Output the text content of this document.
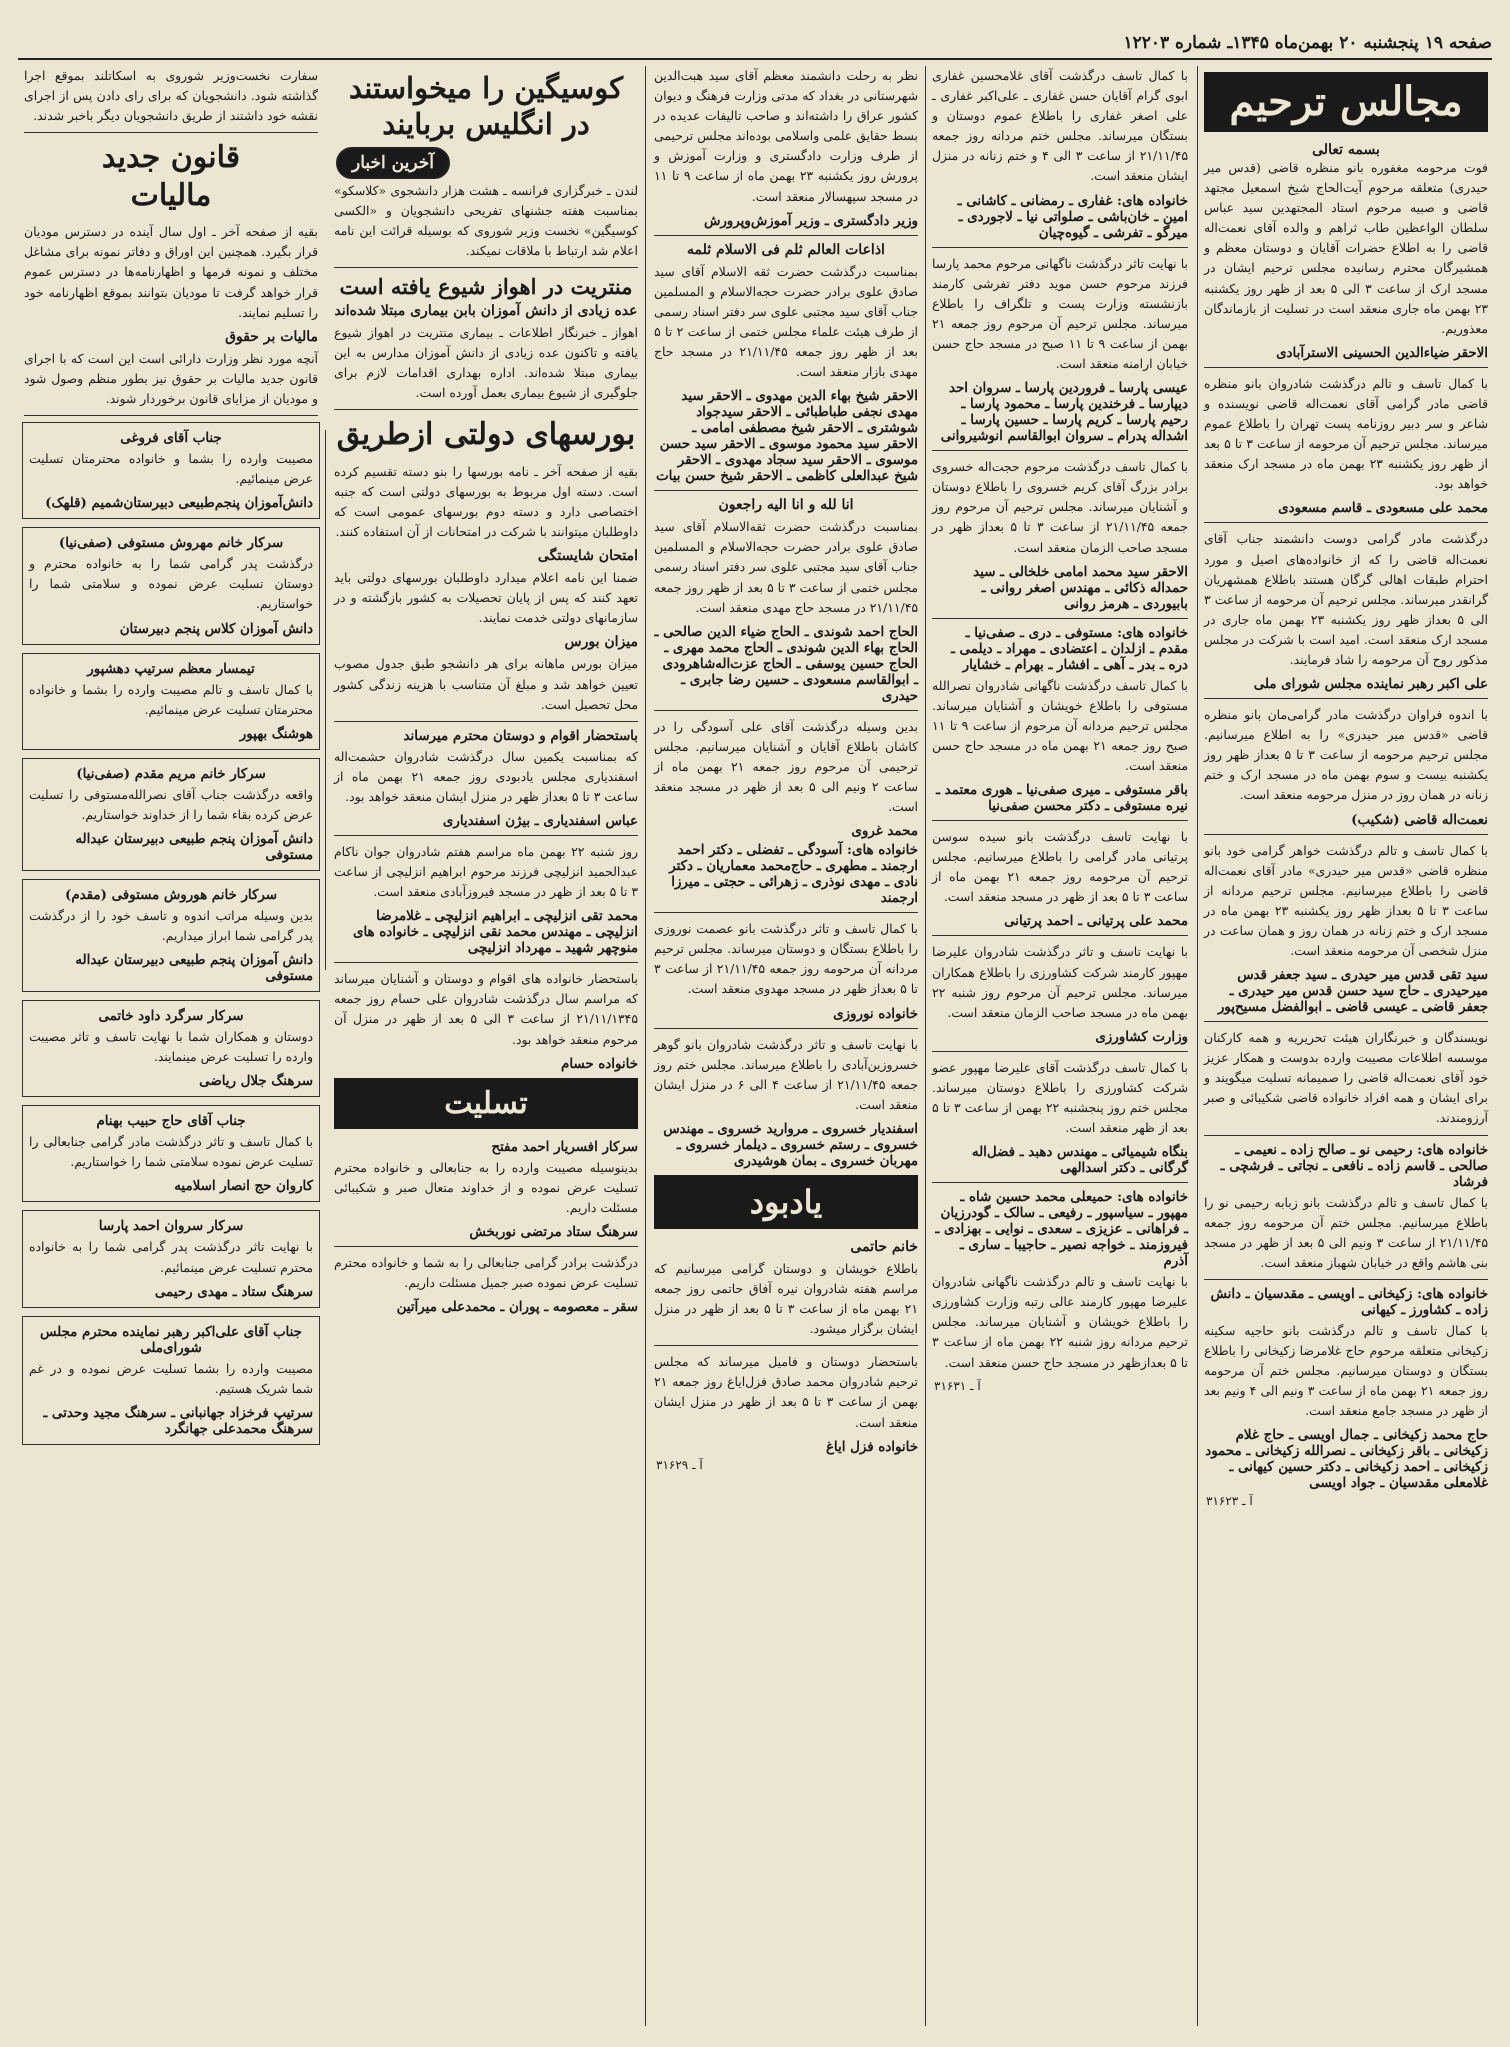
صفحه ۱۹ پنجشنبه ۲۰ بهمن‌ماه ۱۳۴۵ـ شماره ۱۲۲۰۳
مجالس ترحیم
بسمه تعالی

فوت مرحومه مغفوره بانو منظره قاضی (قدس میر حیدری) متعلقه مرحوم آیت‌الحاج شیخ اسمعیل مجتهد قاضی و صبیه مرحوم استاد المجتهدین سید عباس سلطان الواعظین طاب ثراهم و والده آقای نعمت‌اله قاضی را به اطلاع حضرات آقایان و دوستان معظم و همشیرگان محترم رسانیده مجلس ترحیم ایشان در مسجد ارک از ساعت ۳ الی ۵ بعد از ظهر روز یکشنبه ۲۳ بهمن ماه جاری منعقد است در تسلیت از بازماندگان معذوریم.

الاحقر ضیاءالدین الحسینی الاسترآبادی

با کمال تاسف و تالم درگذشت شادروان بانو منظره قاضی مادر گرامی آقای نعمت‌اله قاضی نویسنده و شاعر و سر دبیر روزنامه پست تهران را باطلاع عموم میرساند. مجلس ترحیم آن مرحومه از ساعت ۳ تا ۵ بعد از ظهر روز یکشنبه ۲۳ بهمن ماه در مسجد ارک منعقد خواهد بود.

محمد علی مسعودی ـ قاسم مسعودی

درگذشت مادر گرامی دوست دانشمند جناب آقای نعمت‌اله قاضی را که از خانواده‌های اصیل و مورد احترام طبقات اهالی گرگان هستند باطلاع همشهریان گرانقدر میرساند. مجلس ترحیم آن مرحومه از ساعت ۳ الی ۵ بعداز ظهر روز یکشنبه ۲۳ بهمن ماه جاری در مسجد ارک منعقد است. امید است با شرکت در مجلس مذکور روح آن مرحومه را شاد فرمایند.

علی اکبر رهبر نماینده مجلس شورای ملی

با اندوه فراوان درگذشت مادر گرامی‌مان بانو منظره قاضی «قدس میر حیدری» را به اطلاع میرسانیم. مجلس ترحیم مرحومه از ساعت ۳ تا ۵ بعداز ظهر روز یکشنبه بیست و سوم بهمن ماه در مسجد ارک و ختم زنانه در همان روز در منزل مرحومه منعقد است.

نعمت‌اله قاضی (شکیب)

با کمال تاسف و تالم درگذشت خواهر گرامی خود بانو منظره قاضی «قدس میر حیدری» مادر آقای نعمت‌اله قاضی را باطلاع میرسانیم. مجلس ترحیم مردانه از ساعت ۳ تا ۵ بعداز ظهر روز یکشنبه ۲۳ بهمن ماه در مسجد ارک و ختم زنانه در همان روز و همان ساعت در منزل شخصی آن مرحومه منعقد است.

سید تقی قدس میر حیدری ـ سید جعفر قدس میرحیدری ـ حاج سید حسن قدس میر حیدری ـ جعفر قاضی ـ عیسی قاضی ـ ابوالفضل مسیح‌پور

نویسندگان و خبرنگاران هیئت تحریریه و همه کارکنان موسسه اطلاعات مصیبت وارده بدوست و همکار عزیز خود آقای نعمت‌اله قاضی را صمیمانه تسلیت میگویند و برای ایشان و همه افراد خانواده قاضی شکیبائی و صبر آرزومندند.

خانواده های: رحیمی نو ـ صالح زاده ـ نعیمی ـ صالحی ـ قاسم زاده ـ نافعی ـ نجاتی ـ فرشچی ـ فرشاد

با کمال تاسف و تالم درگذشت بانو زبابه رحیمی نو را باطلاع میرسانیم. مجلس ختم آن مرحومه روز جمعه ۲۱/۱۱/۴۵ از ساعت ۳ ونیم الی ۵ بعد از ظهر در مسجد بنی هاشم واقع در خیابان شهباز منعقد است.

خانواده های: زکیخانی ـ اویسی ـ مقدسیان ـ دانش زاده ـ کشاورز ـ کیهانی

با کمال تاسف و تالم درگذشت بانو حاجیه سکینه زکیخانی متعلقه مرحوم حاج غلامرضا زکیخانی را باطلاع بستگان و دوستان میرسانیم. مجلس ختم آن مرحومه روز جمعه ۲۱ بهمن ماه از ساعت ۳ ونیم الی ۴ ونیم بعد از ظهر در مسجد جامع منعقد است.

حاج محمد زکیخانی ـ جمال اویسی ـ حاج غلام زکیخانی ـ باقر زکیخانی ـ نصرالله زکیخانی ـ محمود زکیخانی ـ احمد زکیخانی ـ دکتر حسین کیهانی ـ غلامعلی مقدسیان ـ جواد اویسی
آ ـ ۳۱۶۲۳

با کمال تاسف درگذشت آقای غلامحسین غفاری ابوی گرام آقایان حسن غفاری ـ علی‌اکبر غفاری ـ علی اصغر غفاری را باطلاع عموم دوستان و بستگان میرساند. مجلس ختم مردانه روز جمعه ۲۱/۱۱/۴۵ از ساعت ۳ الی ۴ و ختم زنانه در منزل ایشان منعقد است.

خانواده های: غفاری ـ رمضانی ـ کاشانی ـ امین ـ خان‌باشی ـ صلواتی نیا ـ لاجوردی ـ میرگو ـ تفرشی ـ گیوه‌چیان

با نهایت تاثر درگذشت ناگهانی مرحوم محمد پارسا فرزند مرحوم حسن موید دفتر تفرشی کارمند بازنشسته وزارت پست و تلگراف را باطلاع میرساند. مجلس ترحیم آن مرحوم روز جمعه ۲۱ بهمن از ساعت ۹ تا ۱۱ صبح در مسجد حاج حسن خیابان ارامنه منعقد است.

عیسی پارسا ـ فروردین پارسا ـ سروان احد دیپارسا ـ فرخندین پارسا ـ محمود پارسا ـ رحیم پارسا ـ کریم پارسا ـ حسین پارسا ـ اشداله پدرام ـ سروان ابوالقاسم انوشیروانی

با کمال تاسف درگذشت مرحوم حجت‌اله خسروی برادر بزرگ آقای کریم خسروی را باطلاع دوستان و آشنایان میرساند. مجلس ترحیم آن مرحوم روز جمعه ۲۱/۱۱/۴۵ از ساعت ۳ تا ۵ بعداز ظهر در مسجد صاحب الزمان منعقد است.

الاحقر سید محمد امامی خلخالی ـ سید حمداله ذکائی ـ مهندس اصغر روانی ـ بابیوردی ـ هرمز روانی
خانواده های: مستوفی ـ دری ـ صفی‌نیا ـ مقدم ـ ازلدان ـ اعتضادی ـ مهراد ـ دیلمی ـ دره ـ بدر ـ آهی ـ افشار ـ بهرام ـ خشایار

با کمال تاسف درگذشت ناگهانی شادروان نصرالله مستوفی را باطلاع خویشان و آشنایان میرساند. مجلس ترحیم مردانه آن مرحوم از ساعت ۹ تا ۱۱ صبح روز جمعه ۲۱ بهمن ماه در مسجد حاج حسن منعقد است.

باقر مستوفی ـ میری صفی‌نیا ـ هوری معتمد ـ نیره مستوفی ـ دکتر محسن صفی‌نیا

با نهایت تاسف درگذشت بانو سیده سوسن پرتیانی مادر گرامی را باطلاع میرسانیم. مجلس ترحیم آن مرحومه روز جمعه ۲۱ بهمن ماه از ساعت ۳ تا ۵ بعد از ظهر در مسجد منعقد است.

محمد علی پرتیانی ـ احمد پرتیانی

با نهایت تاسف و تاثر درگذشت شادروان علیرضا مهپور کارمند شرکت کشاورزی را باطلاع همکاران میرساند. مجلس ترحیم آن مرحوم روز شنبه ۲۲ بهمن ماه در مسجد صاحب الزمان منعقد است.

وزارت کشاورزی

با کمال تاسف درگذشت آقای علیرضا مهپور عضو شرکت کشاورزی را باطلاع دوستان میرساند. مجلس ختم روز پنجشنبه ۲۲ بهمن از ساعت ۳ تا ۵ بعد از ظهر منعقد است.

بنگاه شیمیائی ـ مهندس دهبد ـ فضل‌اله گرگانی ـ دکتر اسدالهی
خانواده های: حمیعلی محمد حسین شاه ـ مهپور ـ سیاسپور ـ رفیعی ـ سالک ـ گودرزیان ـ فراهانی ـ عزیزی ـ سعدی ـ نوایی ـ بهزادی ـ فیروزمند ـ خواجه نصیر ـ حاجیبا ـ ساری ـ آذرم

با نهایت تاسف و تالم درگذشت ناگهانی شادروان علیرضا مهپور کارمند عالی رتبه وزارت کشاورزی را باطلاع خویشان و آشنایان میرساند. مجلس ترحیم مردانه روز شنبه ۲۲ بهمن ماه از ساعت ۳ تا ۵ بعدازظهر در مسجد حاج حسن منعقد است.

آ ـ ۳۱۶۳۱

نظر به رحلت دانشمند معظم آقای سید هبت‌الدین شهرستانی در بغداد که مدتی وزارت فرهنگ و دیوان کشور عراق را داشته‌اند و صاحب تالیفات عدیده در بسط حقایق علمی واسلامی بوده‌اند مجلس ترحیمی از طرف وزارت دادگستری و وزارت آموزش و پرورش روز یکشنبه ۲۳ بهمن ماه از ساعت ۹ تا ۱۱ در مسجد سپهسالار منعقد است.

وزیر دادگستری ـ وزیر آموزش‌وپرورش
اذاعات العالم ثلم فی الاسلام ثلمه

بمناسبت درگذشت حضرت ثقه الاسلام آقای سید صادق علوی برادر حضرت حجه‌الاسلام و المسلمین جناب آقای سید مجتبی علوی سر دفتر اسناد رسمی از طرف هیئت علماء مجلس ختمی از ساعت ۲ تا ۵ بعد از ظهر روز جمعه ۲۱/۱۱/۴۵ در مسجد حاج مهدی بازار منعقد است.

الاحقر شیخ بهاء الدین مهدوی ـ الاحقر سید مهدی نجفی طباطبائی ـ الاحقر سیدجواد شوشتری ـ الاحقر شیخ مصطفی امامی ـ الاحقر سید محمود موسوی ـ الاحقر سید حسن موسوی ـ الاحقر سید سجاد مهدوی ـ الاحقر شیخ عبدالعلی کاظمی ـ الاحقر شیخ حسن بیات
انا لله و انا الیه راجعون

بمناسبت درگذشت حضرت ثقه‌الاسلام آقای سید صادق علوی برادر حضرت حجه‌الاسلام و المسلمین جناب آقای سید مجتبی علوی سر دفتر اسناد رسمی مجلس ختمی از ساعت ۳ تا ۵ بعد از ظهر روز جمعه ۲۱/۱۱/۴۵ در مسجد حاج مهدی منعقد است.

الحاج احمد شوندی ـ الحاج ضیاء الدین صالحی ـ الحاج بهاء الدین شوندی ـ الحاج محمد مهری ـ الحاج حسین یوسفی ـ الحاج عزت‌اله‌شاهرودی ـ ابوالقاسم مسعودی ـ حسین رضا جابری ـ حیدری

بدین وسیله درگذشت آقای علی آسودگی را در کاشان باطلاع آقایان و آشنایان میرسانیم. مجلس ترحیمی آن مرحوم روز جمعه ۲۱ بهمن ماه از ساعت ۲ ونیم الی ۵ بعد از ظهر در مسجد منعقد است.

محمد غروی
خانواده های: آسودگی ـ تفضلی ـ دکتر احمد ارجمند ـ مطهری ـ حاج‌محمد معماریان ـ دکتر نادی ـ مهدی نوذری ـ زهرائی ـ حجتی ـ میرزا ارجمند

با کمال تاسف و تاثر درگذشت بانو عصمت نوروزی را باطلاع بستگان و دوستان میرساند. مجلس ترحیم مردانه آن مرحومه روز جمعه ۲۱/۱۱/۴۵ از ساعت ۳ تا ۵ بعداز ظهر در مسجد مهدوی منعقد است.

خانواده نوروزی

با نهایت تاسف و تاثر درگذشت شادروان بانو گوهر خسروزین‌آبادی را باطلاع میرساند. مجلس ختم روز جمعه ۲۱/۱۱/۴۵ از ساعت ۴ الی ۶ در منزل ایشان منعقد است.

اسفندیار خسروی ـ مروارید خسروی ـ مهندس خسروی ـ رستم خسروی ـ دیلمار خسروی ـ مهربان خسروی ـ بمان هوشیدری
یادبود
خانم حاتمی

باطلاع خویشان و دوستان گرامی میرسانیم که مراسم هفته شادروان نیره آفاق حاتمی روز جمعه ۲۱ بهمن ماه از ساعت ۳ تا ۵ بعد از ظهر در منزل ایشان برگزار میشود.

باستحضار دوستان و فامیل میرساند که مجلس ترحیم شادروان محمد صادق فزل‌ایاغ روز جمعه ۲۱ بهمن از ساعت ۳ تا ۵ بعد از ظهر در منزل ایشان منعقد است.

خانواده فزل ایاغ
آ ـ ۳۱۶۲۹
کوسیگین را میخواستند در انگلیس بربایند
آخرین اخبار

لندن ـ خبرگزاری فرانسه ـ هشت هزار دانشجوی «کلاسکو» بمناسبت هفته جشنهای تفریحی دانشجویان و «الکسی کوسیگین» نخست وزیر شوروی که بوسیله قرائت این نامه اعلام شد ارتباط با ملاقات نمیکند.

منتریت در اهواز شیوع یافته است
عده زیادی از دانش آموزان بابن بیماری مبتلا شده‌اند

اهواز ـ خبرنگار اطلاعات ـ بیماری منتریت در اهواز شیوع یافته و تاکنون عده زیادی از دانش آموزان مدارس به این بیماری مبتلا شده‌اند. اداره بهداری اقدامات لازم برای جلوگیری از شیوع بیماری بعمل آورده است.

بورسهای دولتی ازطریق

بقیه از صفحه آخر ـ نامه بورسها را بنو دسته تقسیم کرده است. دسته اول مربوط به بورسهای دولتی است که جنبه اختصاصی دارد و دسته دوم بورسهای عمومی است که داوطلبان میتوانند با شرکت در امتحانات از آن استفاده کنند.

امتحان شایستگی

ضمنا این نامه اعلام میدارد داوطلبان بورسهای دولتی باید تعهد کنند که پس از پایان تحصیلات به کشور بازگشته و در سازمانهای دولتی خدمت نمایند.

میزان بورس

میزان بورس ماهانه برای هر دانشجو طبق جدول مصوب تعیین خواهد شد و مبلغ آن متناسب با هزینه زندگی کشور محل تحصیل است.

باستحضار اقوام و دوستان محترم میرساند

که بمناسبت یکمین سال درگذشت شادروان حشمت‌اله اسفندیاری مجلس یادبودی روز جمعه ۲۱ بهمن ماه از ساعت ۳ تا ۵ بعداز ظهر در منزل ایشان منعقد خواهد بود.

عباس اسفندیاری ـ بیژن اسفندیاری

روز شنبه ۲۲ بهمن ماه مراسم هفتم شادروان جوان ناکام عبدالحمید انزلیچی فرزند مرحوم ابراهیم انزلیچی از ساعت ۳ تا ۵ بعد از ظهر در مسجد فیروزآبادی منعقد است.

محمد تقی انزلیچی ـ ابراهیم انزلیچی ـ غلامرضا انزلیچی ـ مهندس محمد نقی انزلیچی ـ خانواده های منوچهر شهید ـ مهرداد انزلیچی

باستحضار خانواده های اقوام و دوستان و آشنایان میرساند که مراسم سال درگذشت شادروان علی حسام روز جمعه ۲۱/۱۱/۱۳۴۵ از ساعت ۳ الی ۵ بعد از ظهر در منزل آن مرحوم منعقد خواهد بود.

خانواده حسام
تسلیت
سرکار افسریار احمد مفتح

بدینوسیله مصیبت وارده را به جنابعالی و خانواده محترم تسلیت عرض نموده و از خداوند متعال صبر و شکیبائی مسئلت داریم.

سرهنگ ستاد مرتضی نوربخش

درگذشت برادر گرامی جنابعالی را به شما و خانواده محترم تسلیت عرض نموده صبر جمیل مسئلت داریم.

سقر ـ معصومه ـ پوران ـ محمدعلی میرآتین

سفارت نخست‌وزیر شوروی به اسکاتلند بموقع اجرا گذاشته شود. دانشجویان که برای رای دادن پس از اجرای نقشه خود داشتند از طریق دانشجویان دیگر باخبر شدند.

قانون جدید
مالیات

بقیه از صفحه آخر ـ اول سال آینده در دسترس مودیان قرار بگیرد. همچنین این اوراق و دفاتر نمونه برای مشاغل مختلف و نمونه فرمها و اظهارنامه‌ها در دسترس عموم قرار خواهد گرفت تا مودیان بتوانند بموقع اظهارنامه خود را تسلیم نمایند.

مالیات بر حقوق

آنچه مورد نظر وزارت دارائی است این است که با اجرای قانون جدید مالیات بر حقوق نیز بطور منظم وصول شود و مودیان از مزایای قانون برخوردار شوند.

جناب آقای فروغی

مصیبت وارده را بشما و خانواده محترمتان تسلیت عرض مینمائیم.

دانش‌آموزان پنجم‌طبیعی دبیرستان‌شمیم (قلهک)
سرکار خانم مهروش مستوفی (صفی‌نیا)

درگذشت پدر گرامی شما را به خانواده محترم و دوستان تسلیت عرض نموده و سلامتی شما را خواستاریم.

دانش آموزان کلاس پنجم دبیرستان
تیمسار معظم سرتیپ دهشپور

با کمال تاسف و تالم مصیبت وارده را بشما و خانواده محترمتان تسلیت عرض مینمائیم.

هوشنگ بهپور
سرکار خانم مریم مقدم (صفی‌نیا)

واقعه درگذشت جناب آقای نصرالله‌مستوفی را تسلیت عرض کرده بقاء شما را از خداوند خواستاریم.

دانش آموزان پنجم طبیعی دبیرستان عبداله مستوفی
سرکار خانم هوروش مستوفی (مقدم)

بدین وسیله مراتب اندوه و تاسف خود را از درگذشت پدر گرامی شما ابراز میداریم.

دانش آموزان پنجم طبیعی دبیرستان عبداله مستوفی
سرکار سرگرد داود خاتمی

دوستان و همکاران شما با نهایت تاسف و تاثر مصیبت وارده را تسلیت عرض مینمایند.

سرهنگ جلال ریاضی
جناب آقای حاج حبیب بهنام

با کمال تاسف و تاثر درگذشت مادر گرامی جنابعالی را تسلیت عرض نموده سلامتی شما را خواستاریم.

کاروان حج انصار اسلامیه
سرکار سروان احمد پارسا

با نهایت تاثر درگذشت پدر گرامی شما را به خانواده محترم تسلیت عرض مینمائیم.

سرهنگ ستاد ـ مهدی رحیمی
جناب آقای علی‌اکبر رهبر نماینده محترم مجلس شورای‌ملی

مصیبت وارده را بشما تسلیت عرض نموده و در غم شما شریک هستیم.

سرتیپ فرخزاد جهانبانی ـ سرهنگ مجید وحدتی ـ سرهنگ محمدعلی جهانگرد
